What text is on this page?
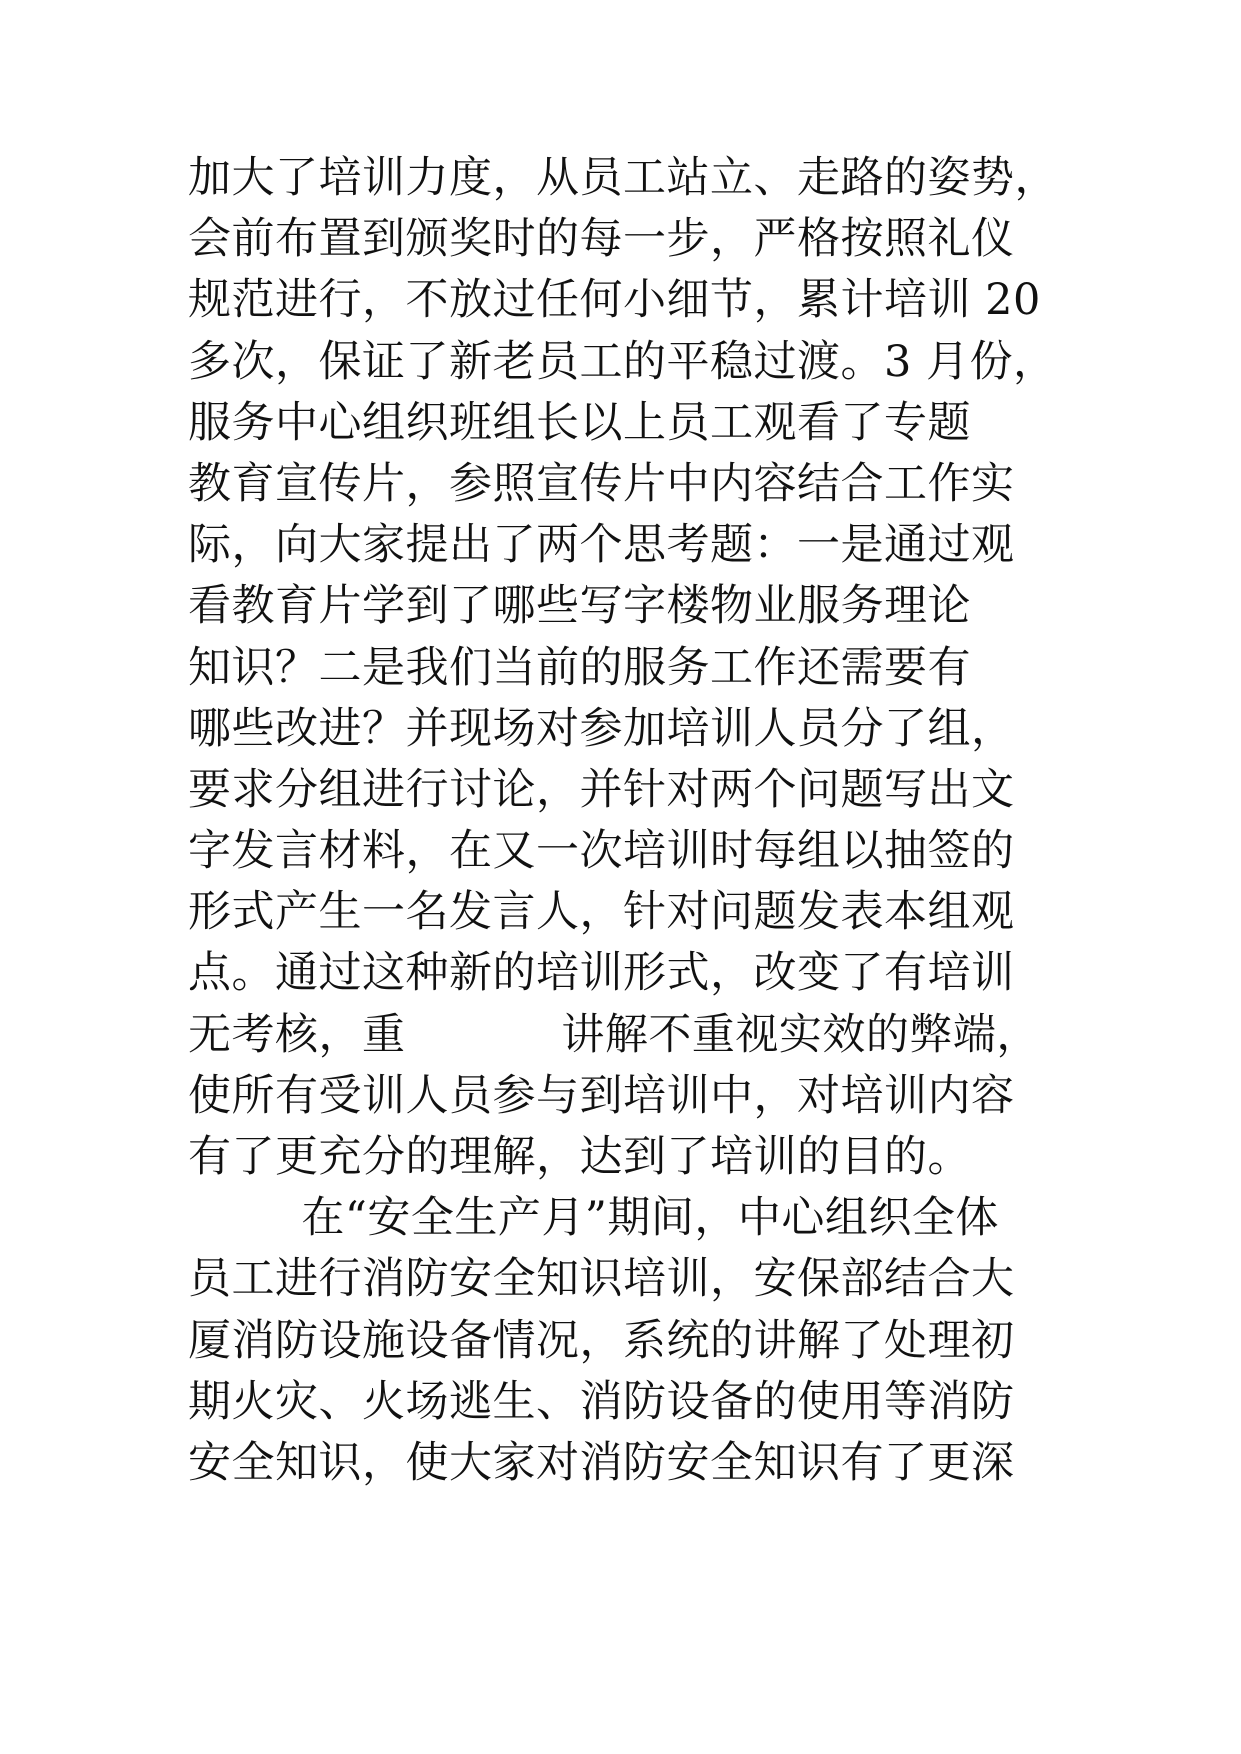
加大了培训力度，从员工站立、走路的姿势，
会前布置到颁奖时的每一步，严格按照礼仪
规范进行，不放过任何小细节，累计培训 20
多次，保证了新老员工的平稳过渡。3 月份，
服务中心组织班组长以上员工观看了专题
教育宣传片，参照宣传片中内容结合工作实
际，向大家提出了两个思考题：一是通过观
看教育片学到了哪些写字楼物业服务理论
知识？二是我们当前的服务工作还需要有
哪些改进？并现场对参加培训人员分了组，
要求分组进行讨论，并针对两个问题写出文
字发言材料，在又一次培训时每组以抽签的
形式产生一名发言人，针对问题发表本组观
点。通过这种新的培训形式，改变了有培训
无考核，重           讲解不重视实效的弊端，
使所有受训人员参与到培训中，对培训内容
有了更充分的理解，达到了培训的目的。
在“安全生产月”期间，中心组织全体
员工进行消防安全知识培训，安保部结合大
厦消防设施设备情况，系统的讲解了处理初
期火灾、火场逃生、消防设备的使用等消防
安全知识，使大家对消防安全知识有了更深
